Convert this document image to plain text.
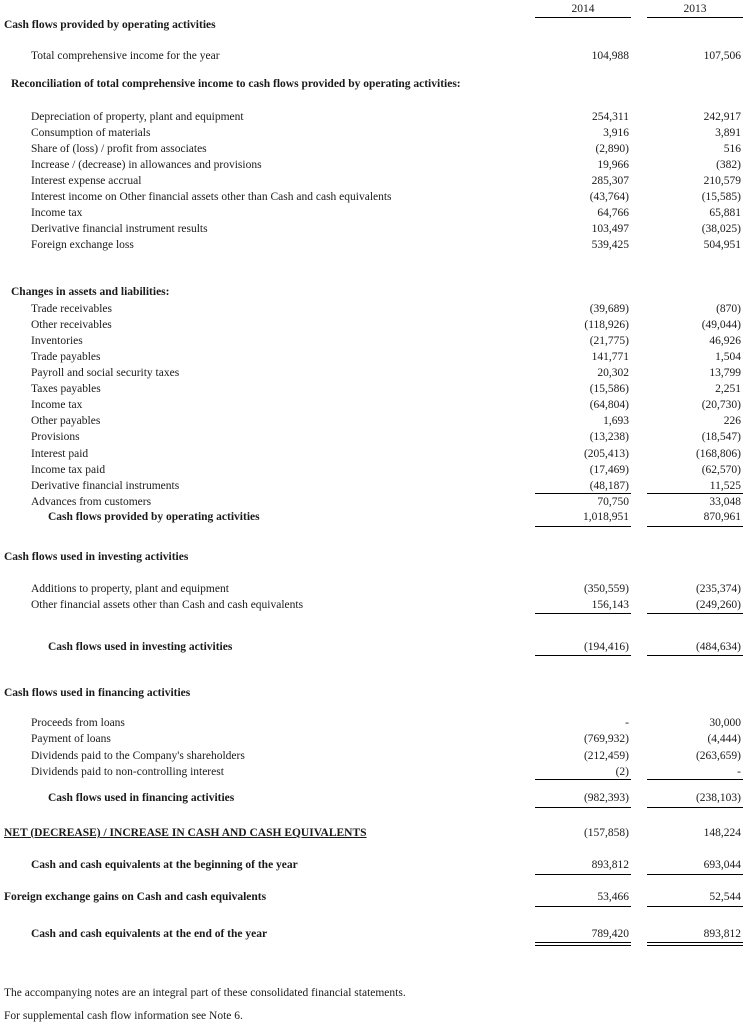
2014	2013
Cash flows provided by operating activities
Total comprehensive income for the year	104,988	107,506
Reconciliation of total comprehensive income to cash flows provided by operating activities:
Depreciation of property, plant and equipment	254,311	242,917
Consumption of materials	3,916	3,891
Share of (loss) / profit from associates	(2,890)	516
Increase / (decrease) in allowances and provisions	19,966	(382)
Interest expense accrual	285,307	210,579
Interest income on Other financial assets other than Cash and cash equivalents	(43,764)	(15,585)
Income tax	64,766	65,881
Derivative financial instrument results	103,497	(38,025)
Foreign exchange loss	539,425	504,951
Changes in assets and liabilities:
Trade receivables	(39,689)	(870)
Other receivables	(118,926)	(49,044)
Inventories	(21,775)	46,926
Trade payables	141,771	1,504
Payroll and social security taxes	20,302	13,799
Taxes payables	(15,586)	2,251
Income tax	(64,804)	(20,730)
Other payables	1,693	226
Provisions	(13,238)	(18,547)
Interest paid	(205,413)	(168,806)
Income tax paid	(17,469)	(62,570)
Derivative financial instruments	(48,187)	11,525
Advances from customers	70,750	33,048
Cash flows provided by operating activities	1,018,951	870,961
Cash flows used in investing activities
Additions to property, plant and equipment	(350,559)	(235,374)
Other financial assets other than Cash and cash equivalents	156,143	(249,260)
Cash flows used in investing activities	(194,416)	(484,634)
Cash flows used in financing activities
Proceeds from loans	-	30,000
Payment of loans	(769,932)	(4,444)
Dividends paid to the Company's shareholders	(212,459)	(263,659)
Dividends paid to non-controlling interest	(2)	-
Cash flows used in financing activities	(982,393)	(238,103)
NET (DECREASE) / INCREASE IN CASH AND CASH EQUIVALENTS	(157,858)	148,224
Cash and cash equivalents at the beginning of the year	893,812	693,044
Foreign exchange gains on Cash and cash equivalents	53,466	52,544
Cash and cash equivalents at the end of the year	789,420	893,812
The accompanying notes are an integral part of these consolidated financial statements.
For supplemental cash flow information see Note 6.
